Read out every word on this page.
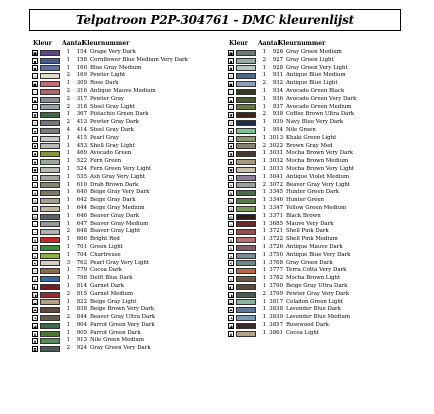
Telpatroon P2P-304761 - DMC kleurenlijst
Kleur Aantal
Kleurnummer
■	1	154 Grape Very Dark
▪	1	158 Cornflower Blue Medium Very Dark
◆	1	160 Blue Gray Medium
◇	2	169 Pewter Light
●	1	309 Rose Dark
○	2	316 Antique Mauve Medium
▲	2	317 Pewter Gray
△	2	318 Steel Gray Light
▼	1	367 Pistachio Green Dark
▽	2	413 Pewter Gray Dark
★	4	414 Steel Gray Dark
☆	1	415 Pearl Gray
♦	1	453 Shell Gray Light
♣	1	469 Avocado Green
♠	1	522 Fern Green
♥	1	524 Fern Green Very Light
+	1	535 Ash Gray Very Light
×	1	610 Drab Brown Dark
#	1	640 Beige Gray Very Dark
%	1	642 Beige Gray Dark
&	1	644 Beige Gray Medium
@	1	646 Beaver Gray Dark
=	1	647 Beaver Gray Medium
~	2	648 Beaver Gray Light
$	1	666 Bright Red
§	1	701 Green Light
¤	1	704 Chartreuse
¶	3	762 Pearl Gray Very Light
†	1	779 Cocoa Dark
‡	1	798 Delft Blue Dark
◐	1	814 Garnet Dark
◑	2	815 Garnet Medium
◒	1	822 Beige Gray Light
◓	1	838 Beige Brown Very Dark
◔	2	844 Beaver Gray Ultra Dark
◕	1	904 Parrot Green Very Dark
◖	1	905 Parrot Green Dark
◗	1	913 Nile Green Medium
◘	2	924 Gray Green Very Dark
Kleur Aantal
Kleurnummer
■	1	926 Gray Green Medium
▪	2	927 Gray Green Light
◆	1	928 Gray Green Very Light
◇	1	931 Antique Blue Medium
●	2	932 Antique Blue Light
○	1	934 Avocado Green Black
▲	1	936 Avocado Green Very Dark
△	1	937 Avocado Green Medium
▼	2	938 Coffee Brown Ultra Dark
▽	1	939 Navy Blue Very Dark
★	1	954 Nile Green
☆	1 3013 Khaki Green Light
♦	2 3022 Brown Gray Med
♣	1 3031 Mocha Brown Very Dark
♠	1 3032 Mocha Brown Medium
♥	1 3033 Mocha Brown Very Light
+	1 3041 Antique Violet Medium
×	2 3072 Beaver Gray Very Light
#	1 3345 Hunter Green Dark
%	1 3346 Hunter Green
&	1 3347 Yellow Green Medium
@	1 3371 Black Brown
=	1 3685 Mauve Very Dark
~	1 3721 Shell Pink Dark
$	1 3722 Shell Pink Medium
§	1 3726 Antique Mauve Dark
¤	1 3750 Antique Blue Very Dark
¶	1 3768 Gray Green Dark
†	1 3777 Terra Cotta Very Dark
‡	1 3782 Mocha Brown Light
◐	1 3790 Beige Gray Ultra Dark
◑	2 3799 Pewter Gray Very Dark
◒	1 3817 Celadon Green Light
◓	1 3838 Lavender Blue Dark
◔	1 3839 Lavender Blue Medium
◕	1 3857 Rosewood Dark
◖	1 3861 Cocoa Light
